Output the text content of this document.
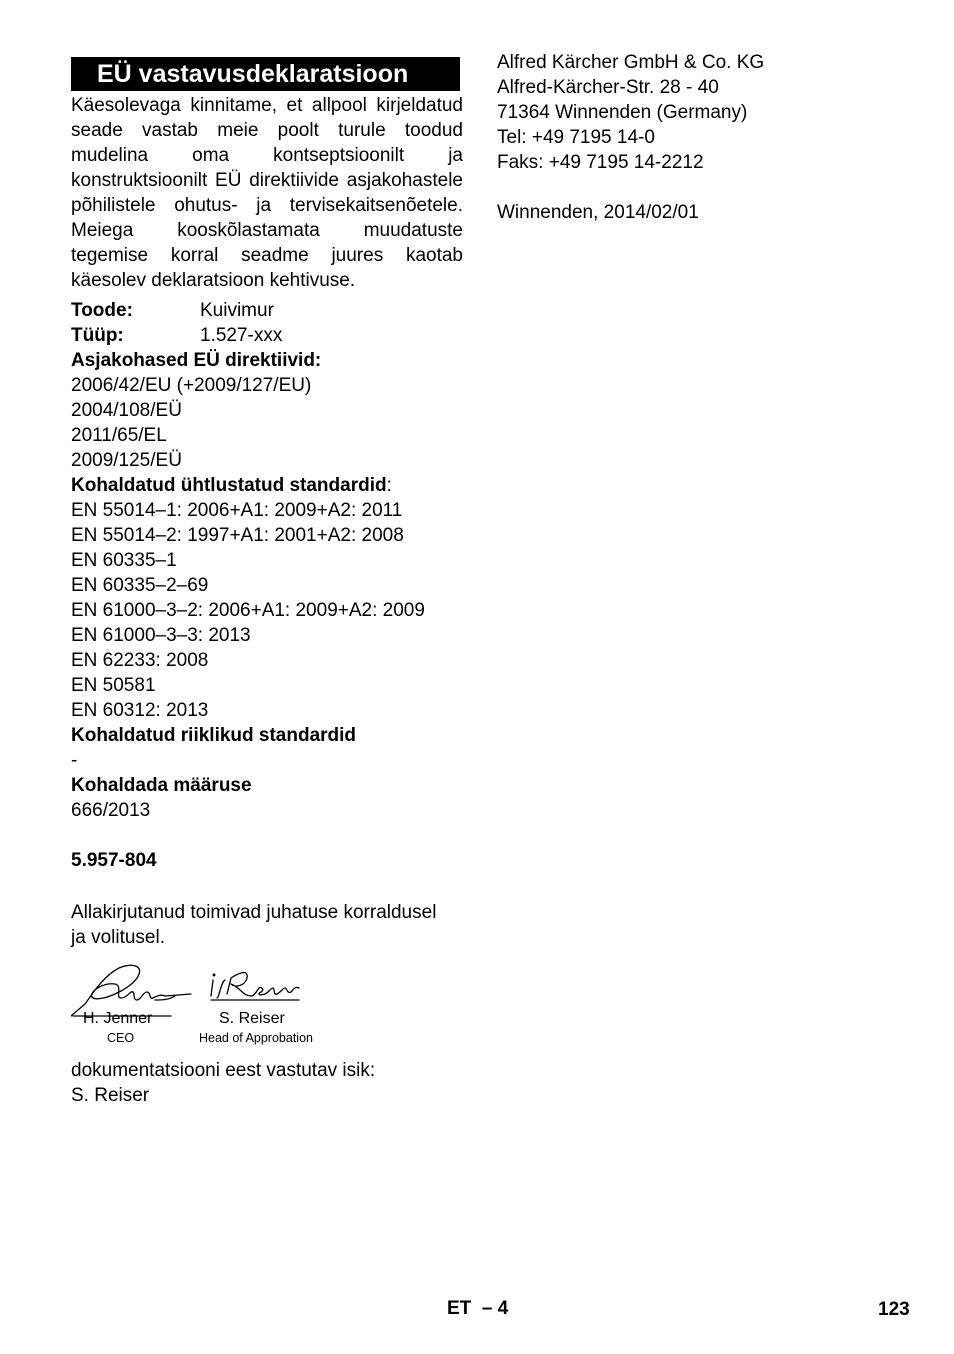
EÜ vastavusdeklaratsioon
Käesolevaga kinnitame, et allpool kirjeldatud seade vastab meie poolt turule toodud mudelina oma kontseptsioonilt ja konstruktsioonilt EÜ direktiivide asjakohastele põhilistele ohutus- ja tervisekaitsenõetele. Meiega kooskõlastamata muudatuste tegemise korral seadme juures kaotab käesolev deklaratsioon kehtivuse.
Toode:	Kuivimur
Tüüp:	1.527-xxx
Asjakohased EÜ direktiivid:
2006/42/EU (+2009/127/EU)
2004/108/EÜ
2011/65/EL
2009/125/EÜ
Kohaldatud ühtlustatud standardid:
EN 55014–1: 2006+A1: 2009+A2: 2011
EN 55014–2: 1997+A1: 2001+A2: 2008
EN 60335–1
EN 60335–2–69
EN 61000–3–2: 2006+A1: 2009+A2: 2009
EN 61000–3–3: 2013
EN 62233: 2008
EN 50581
EN 60312: 2013
Kohaldatud riiklikud standardid
-
Kohaldada määruse
666/2013
5.957-804
Allakirjutanud toimivad juhatuse korraldusel ja volitusel.
H. Jenner
CEO
S. Reiser
Head of Approbation
dokumentatsiooni eest vastutav isik:
S. Reiser
Alfred Kärcher GmbH & Co. KG
Alfred-Kärcher-Str. 28 - 40
71364 Winnenden (Germany)
Tel: +49 7195 14-0
Faks: +49 7195 14-2212
Winnenden, 2014/02/01
ET  – 4	123
